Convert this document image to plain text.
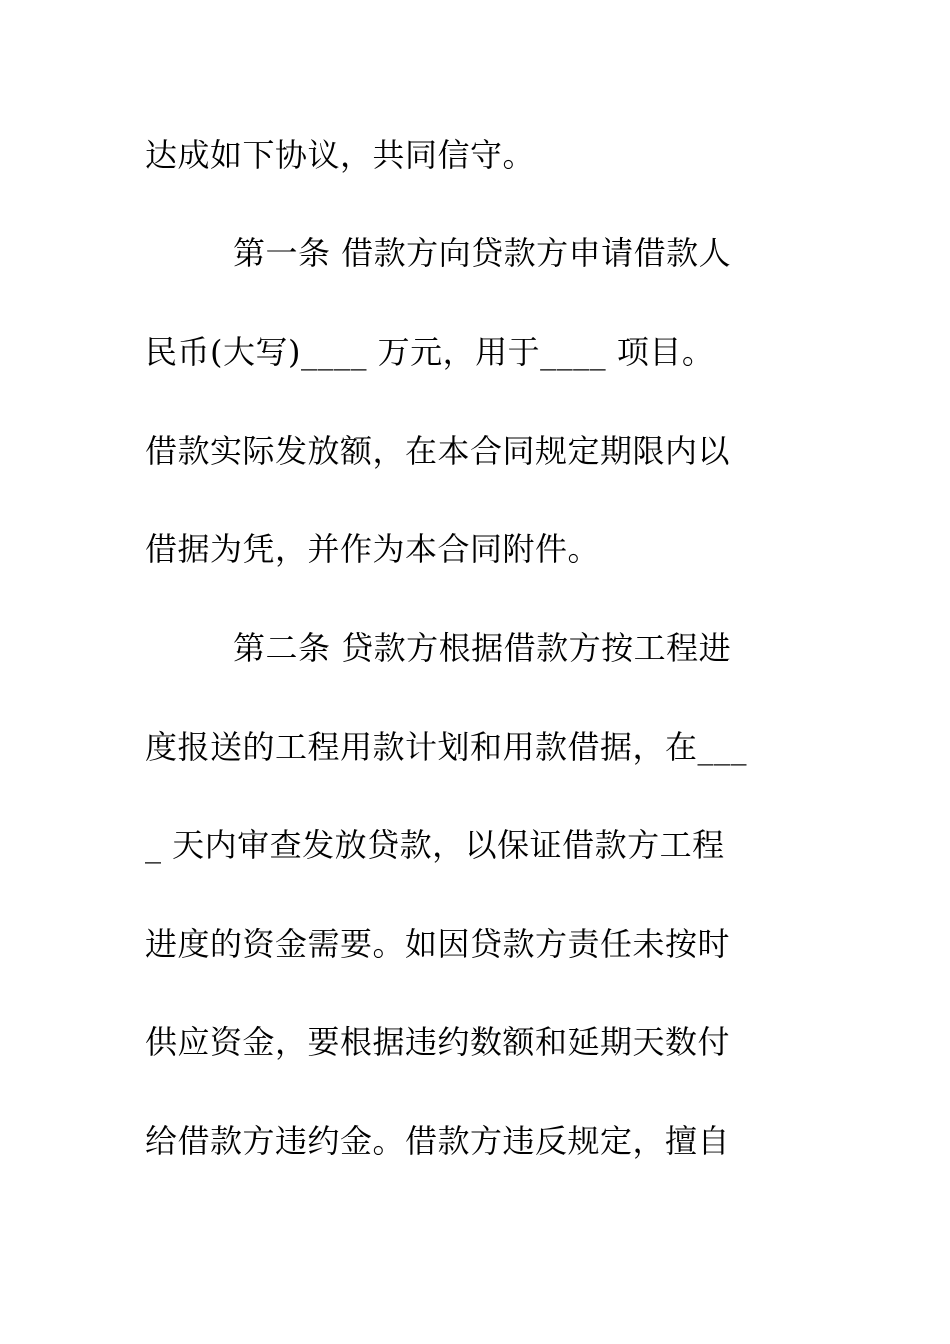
达成如下协议，共同信守。
第一条 借款方向贷款方申请借款人
民币(大写)____ 万元，用于____ 项目。
借款实际发放额，在本合同规定期限内以
借据为凭，并作为本合同附件。
第二条 贷款方根据借款方按工程进
度报送的工程用款计划和用款借据，在___
_ 天内审查发放贷款，以保证借款方工程
进度的资金需要。如因贷款方责任未按时
供应资金，要根据违约数额和延期天数付
给借款方违约金。借款方违反规定，擅自
